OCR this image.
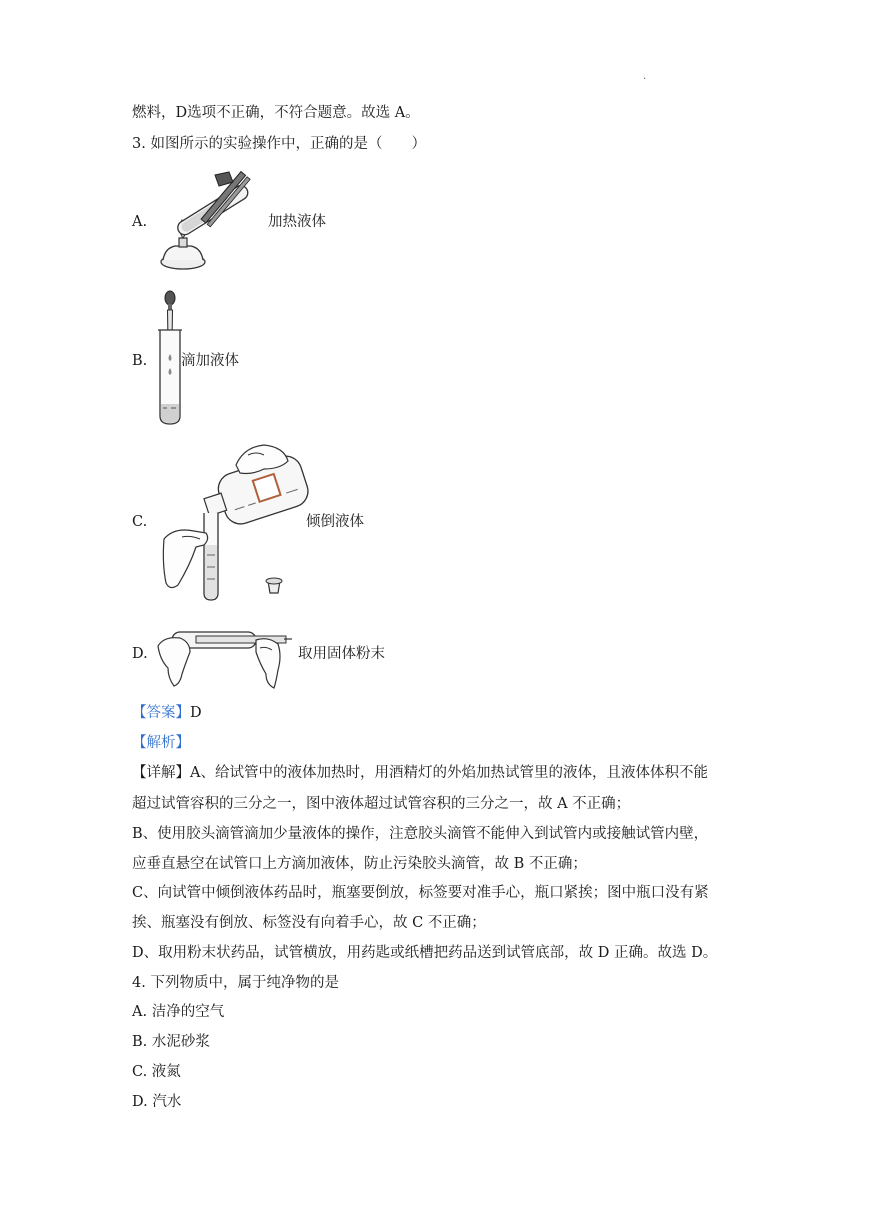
·
燃料，D选项不正确，不符合题意。故选 A。
3. 如图所示的实验操作中，正确的是（　　）
A.	加热液体
B. 滴加液体
C.	倾倒液体
D.	取用固体粉末
【答案】D
【解析】
【详解】A、给试管中的液体加热时，用酒精灯的外焰加热试管里的液体，且液体体积不能
超过试管容积的三分之一，图中液体超过试管容积的三分之一，故 A 不正确；
B、使用胶头滴管滴加少量液体的操作，注意胶头滴管不能伸入到试管内或接触试管内壁，
应垂直悬空在试管口上方滴加液体，防止污染胶头滴管，故 B 不正确；
C、向试管中倾倒液体药品时，瓶塞要倒放，标签要对准手心，瓶口紧挨；图中瓶口没有紧
挨、瓶塞没有倒放、标签没有向着手心，故 C 不正确；
D、取用粉末状药品，试管横放，用药匙或纸槽把药品送到试管底部，故 D 正确。故选 D。
4. 下列物质中，属于纯净物的是
A. 洁净的空气
B. 水泥砂浆
C. 液氮
D. 汽水
